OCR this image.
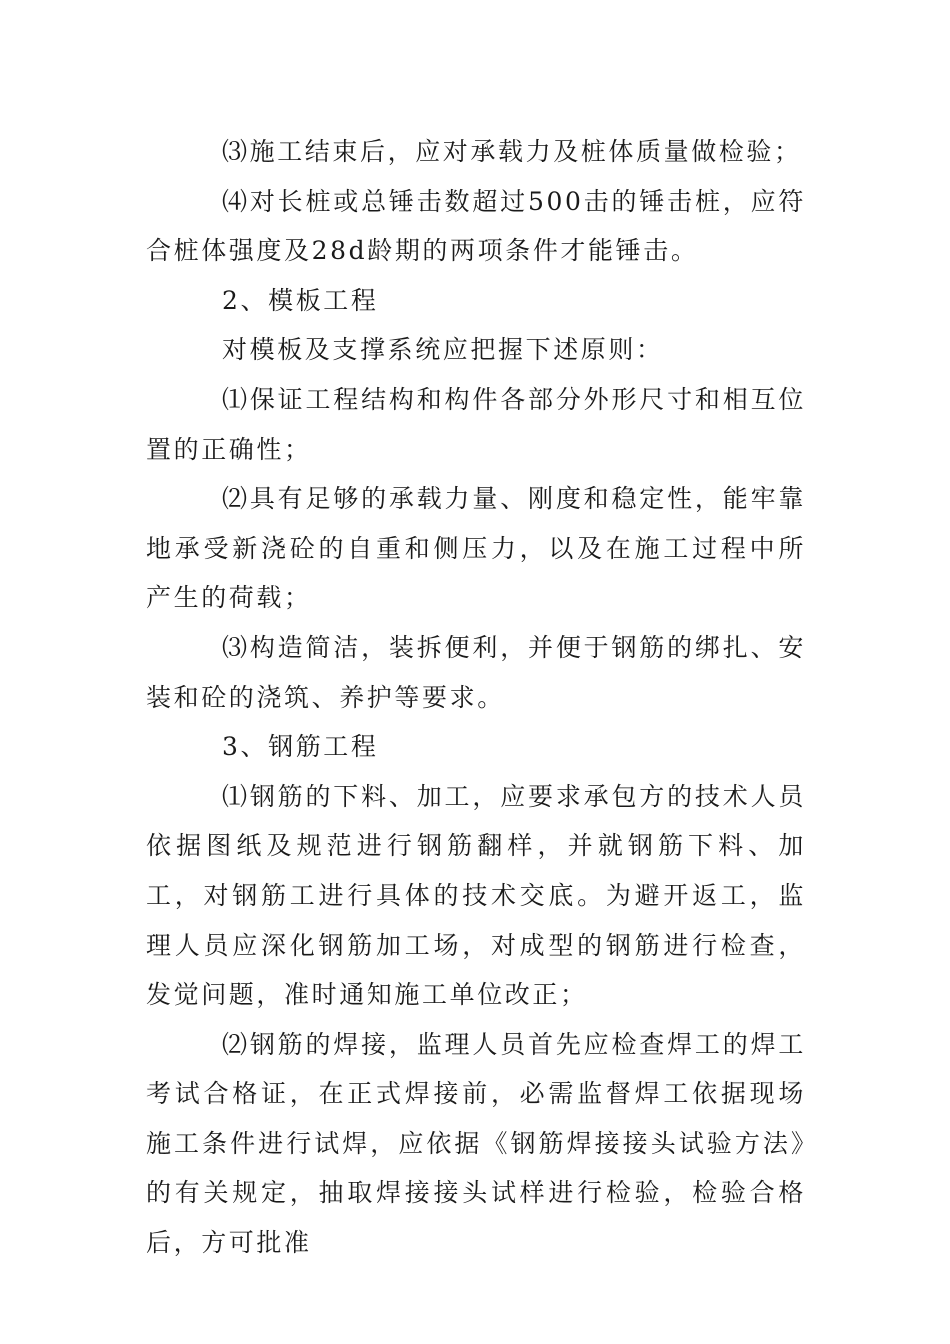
⑶施工结束后，应对承载力及桩体质量做检验；

⑷对长桩或总锤击数超过500击的锤击桩，应符合桩体强度及28d龄期的两项条件才能锤击。

2、模板工程

对模板及支撑系统应把握下述原则：

⑴保证工程结构和构件各部分外形尺寸和相互位置的正确性；

⑵具有足够的承载力量、刚度和稳定性，能牢靠地承受新浇砼的自重和侧压力，以及在施工过程中所产生的荷载；

⑶构造简洁，装拆便利，并便于钢筋的绑扎、安装和砼的浇筑、养护等要求。

3、钢筋工程

⑴钢筋的下料、加工，应要求承包方的技术人员依据图纸及规范进行钢筋翻样，并就钢筋下料、加工，对钢筋工进行具体的技术交底。为避开返工，监理人员应深化钢筋加工场，对成型的钢筋进行检查，发觉问题，准时通知施工单位改正；

⑵钢筋的焊接，监理人员首先应检查焊工的焊工考试合格证，在正式焊接前，必需监督焊工依据现场施工条件进行试焊，应依据《钢筋焊接接头试验方法》的有关规定，抽取焊接接头试样进行检验，检验合格后，方可批准
